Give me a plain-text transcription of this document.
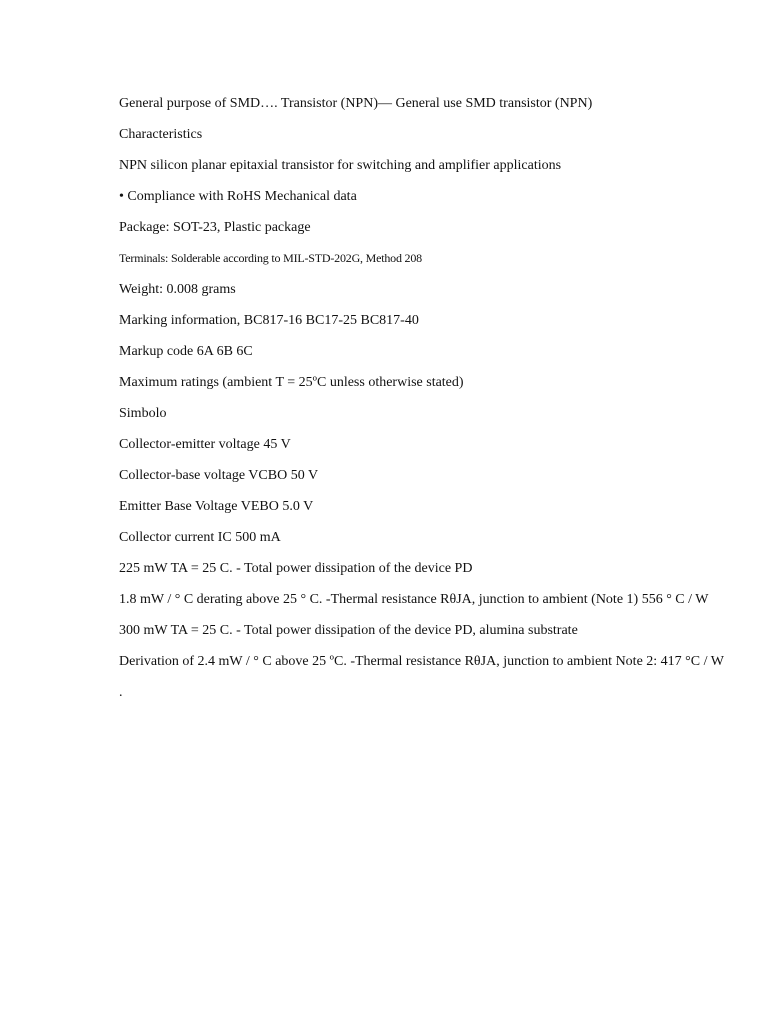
General purpose of SMD…. Transistor (NPN)— General use SMD transistor (NPN)

Characteristics

NPN silicon planar epitaxial transistor for switching and amplifier applications

• Compliance with RoHS Mechanical data

Package: SOT-23, Plastic package

Terminals: Solderable according to MIL-STD-202G, Method 208

Weight: 0.008 grams

Marking information, BC817-16 BC17-25 BC817-40

Markup code 6A 6B 6C

Maximum ratings (ambient T = 25ºC unless otherwise stated)

Simbolo

Collector-emitter voltage 45 V

Collector-base voltage VCBO 50 V

Emitter Base Voltage VEBO 5.0 V

Collector current IC 500 mA

225 mW TA = 25 C. - Total power dissipation of the device PD

1.8 mW / ° C derating above 25 ° C. -Thermal resistance RθJA, junction to ambient (Note 1) 556 ° C / W

300 mW TA = 25 C. - Total power dissipation of the device PD, alumina substrate

Derivation of 2.4 mW / ° C above 25 ºC. -Thermal resistance RθJA, junction to ambient Note 2: 417 °C / W

.
